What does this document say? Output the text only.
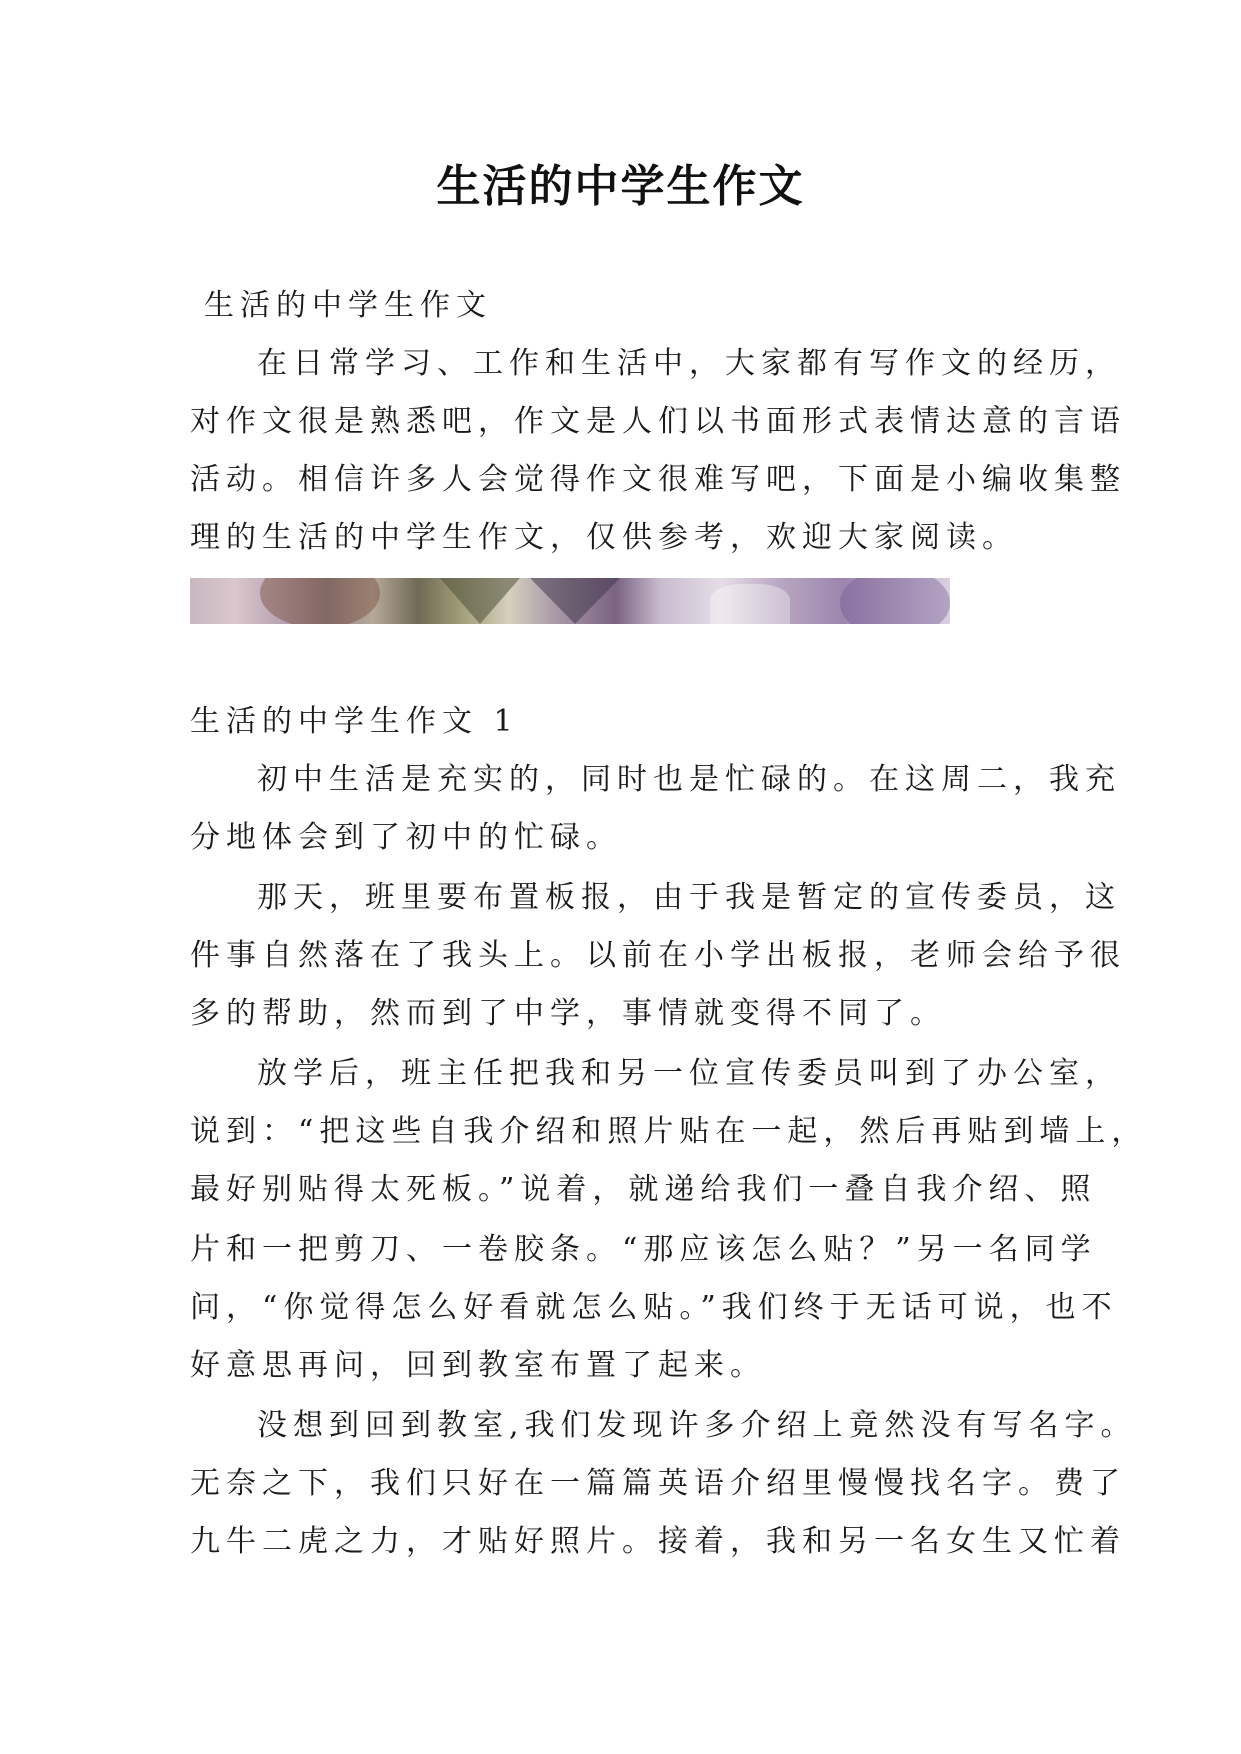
生活的中学生作文

生活的中学生作文

在日常学习、工作和生活中，大家都有写作文的经历，

对作文很是熟悉吧，作文是人们以书面形式表情达意的言语

活动。相信许多人会觉得作文很难写吧，下面是小编收集整

理的生活的中学生作文，仅供参考，欢迎大家阅读。

生活的中学生作文 1

初中生活是充实的，同时也是忙碌的。在这周二，我充

分地体会到了初中的忙碌。

那天，班里要布置板报，由于我是暂定的宣传委员，这

件事自然落在了我头上。以前在小学出板报，老师会给予很

多的帮助，然而到了中学，事情就变得不同了。

放学后，班主任把我和另一位宣传委员叫到了办公室，

说到：“把这些自我介绍和照片贴在一起，然后再贴到墙上，

最好别贴得太死板。”说着，就递给我们一叠自我介绍、照

片和一把剪刀、一卷胶条。“那应该怎么贴？”另一名同学

问，“你觉得怎么好看就怎么贴。”我们终于无话可说，也不

好意思再问，回到教室布置了起来。

没想到回到教室,我们发现许多介绍上竟然没有写名字。

无奈之下，我们只好在一篇篇英语介绍里慢慢找名字。费了

九牛二虎之力，才贴好照片。接着，我和另一名女生又忙着
